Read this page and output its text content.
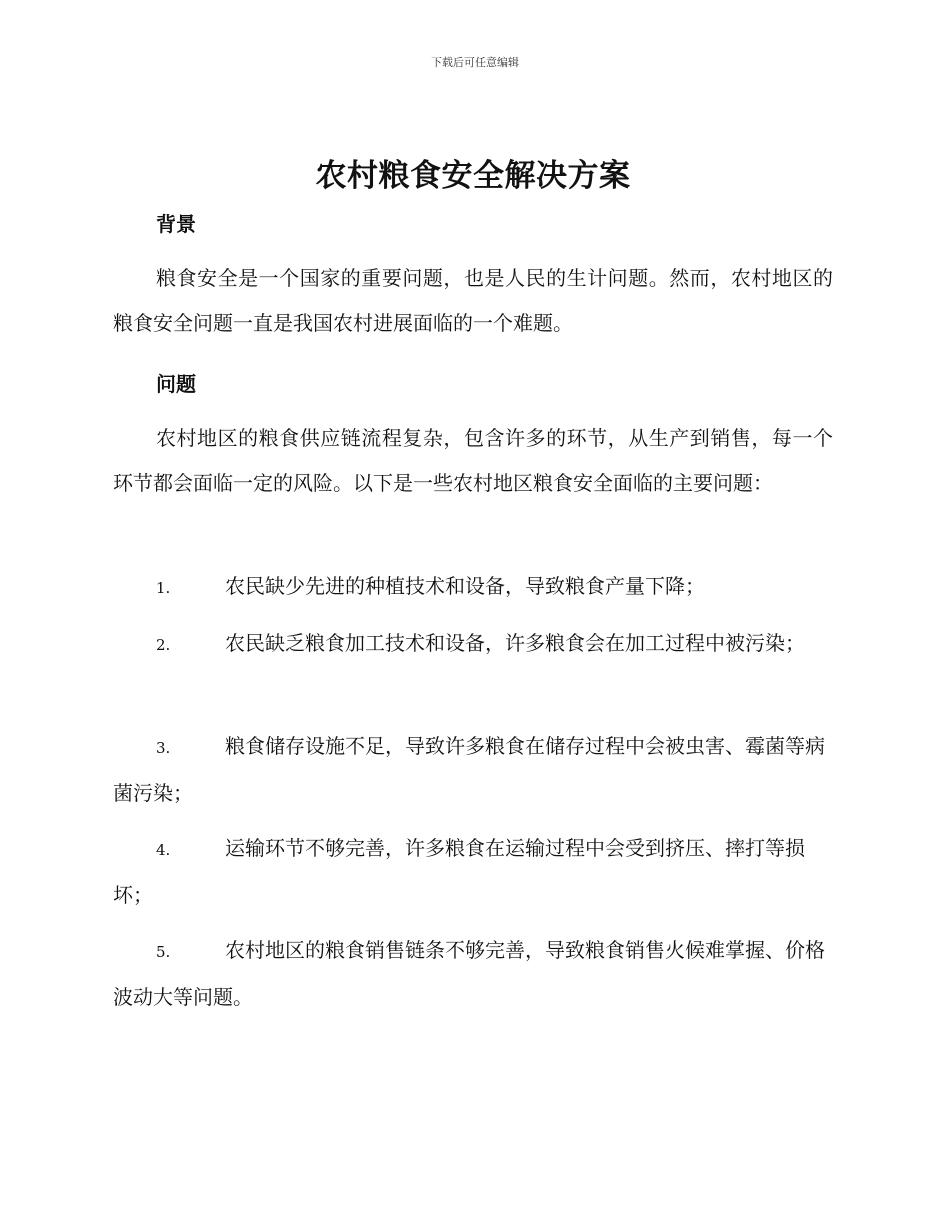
下载后可任意编辑
农村粮食安全解决方案
背景

粮食安全是一个国家的重要问题，也是人民的生计问题。然而，农村地区的粮食安全问题一直是我国农村进展面临的一个难题。

问题

农村地区的粮食供应链流程复杂，包含许多的环节，从生产到销售，每一个环节都会面临一定的风险。以下是一些农村地区粮食安全面临的主要问题：

1.	农民缺少先进的种植技术和设备，导致粮食产量下降；

2.	农民缺乏粮食加工技术和设备，许多粮食会在加工过程中被污染；

3.	粮食储存设施不足，导致许多粮食在储存过程中会被虫害、霉菌等病菌污染；

4.	运输环节不够完善，许多粮食在运输过程中会受到挤压、摔打等损坏；

5.	农村地区的粮食销售链条不够完善，导致粮食销售火候难掌握、价格波动大等问题。
